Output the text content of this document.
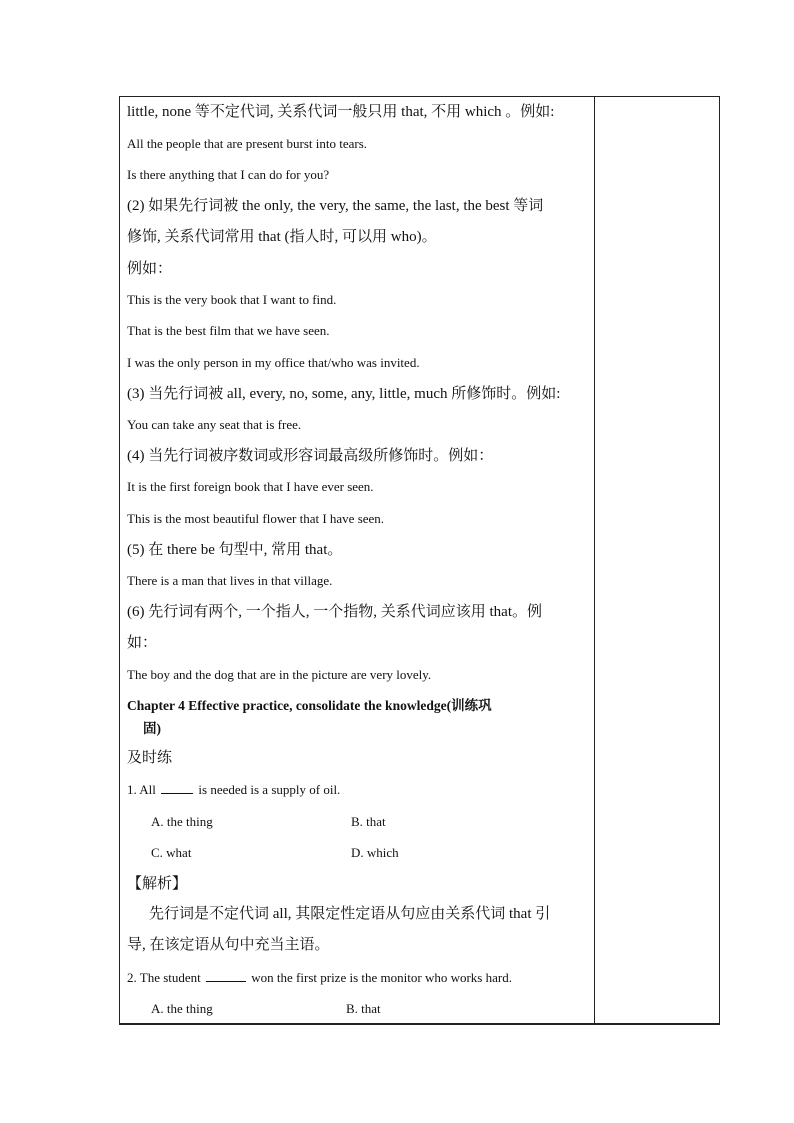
little, none 等不定代词, 关系代词一般只用 that, 不用 which 。例如:
All the people that are present burst into tears.
Is there anything that I can do for you?
(2) 如果先行词被 the only, the very, the same, the last, the best 等词
修饰, 关系代词常用 that (指人时, 可以用 who)。
例如：
This is the very book that I want to find.
That is the best film that we have seen.
I was the only person in my office that/who was invited.
(3) 当先行词被 all, every, no, some, any, little, much 所修饰时。例如:
You can take any seat that is free.
(4) 当先行词被序数词或形容词最高级所修饰时。例如：
It is the first foreign book that I have ever seen.
This is the most beautiful flower that I have seen.
(5) 在 there be 句型中, 常用 that。
There is a man that lives in that village.
(6) 先行词有两个, 一个指人, 一个指物, 关系代词应该用 that。例
如：
The boy and the dog that are in the picture are very lovely.
Chapter 4 Effective practice, consolidate the knowledge(训练巩
固)
及时练
1. All	is needed is a supply of oil.
A. the thing	B. that
C. what	D. which
【解析】
先行词是不定代词 all, 其限定性定语从句应由关系代词 that 引
导, 在该定语从句中充当主语。
2. The student	won the first prize is the monitor who works hard.
A. the thing	B. that
